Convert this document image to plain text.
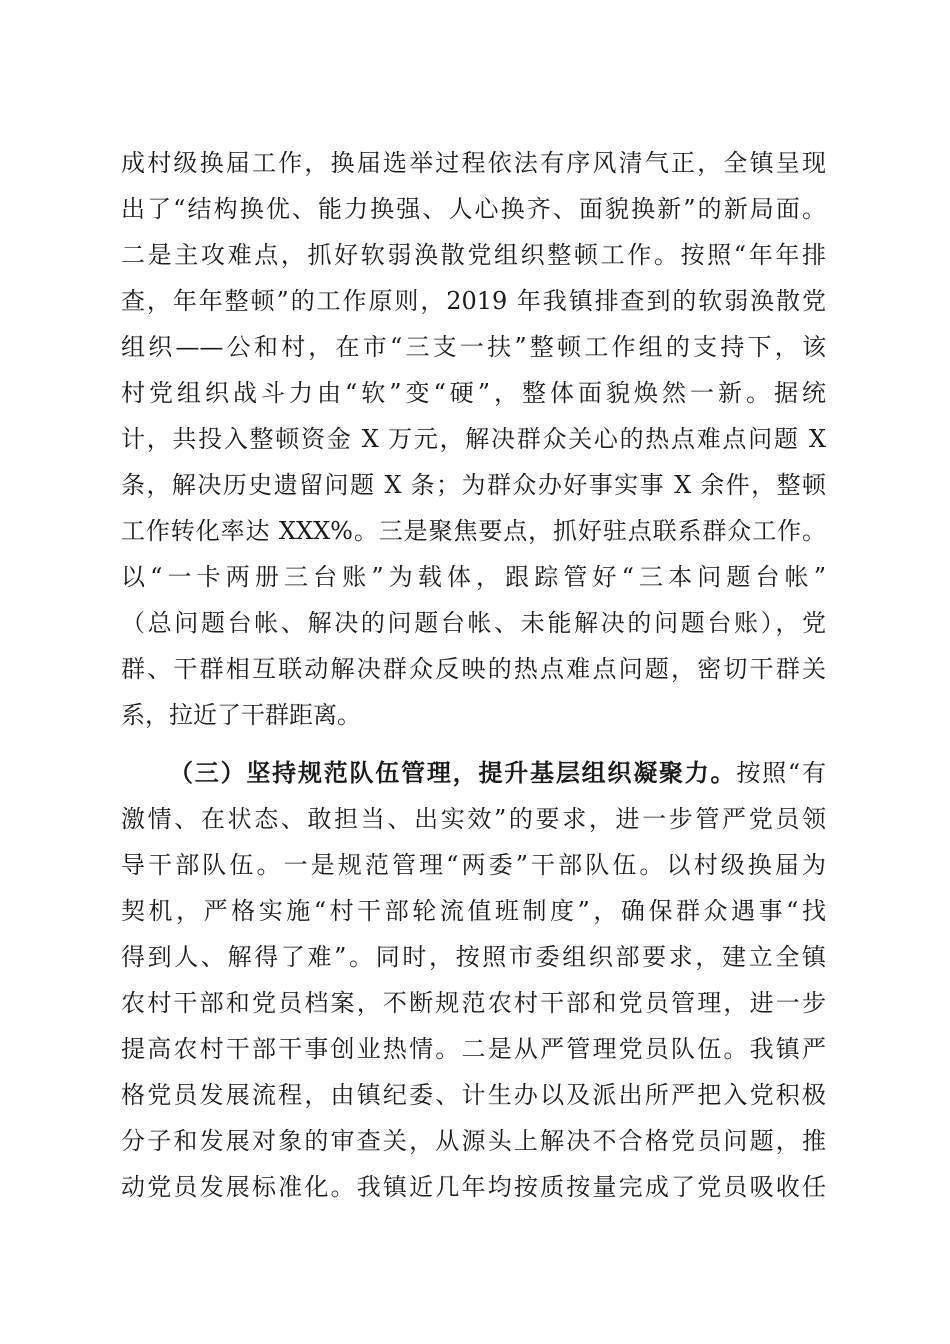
成村级换届工作，换届选举过程依法有序风清气正，全镇呈现
出了“结构换优、能力换强、人心换齐、面貌换新”的新局面。
二是主攻难点，抓好软弱涣散党组织整顿工作。按照“年年排
查，年年整顿”的工作原则，2019 年我镇排查到的软弱涣散党
组织——公和村，在市“三支一扶”整顿工作组的支持下，该
村党组织战斗力由“软”变“硬”，整体面貌焕然一新。据统
计，共投入整顿资金 X 万元，解决群众关心的热点难点问题 X
条，解决历史遗留问题 X 条；为群众办好事实事 X 余件，整顿
工作转化率达 XXX%。三是聚焦要点，抓好驻点联系群众工作。
以“一卡两册三台账”为载体，跟踪管好“三本问题台帐”
（总问题台帐、解决的问题台帐、未能解决的问题台账），党
群、干群相互联动解决群众反映的热点难点问题，密切干群关
系，拉近了干群距离。
（三）坚持规范队伍管理，提升基层组织凝聚力。按照“有
激情、在状态、敢担当、出实效”的要求，进一步管严党员领
导干部队伍。一是规范管理“两委”干部队伍。以村级换届为
契机，严格实施“村干部轮流值班制度”，确保群众遇事“找
得到人、解得了难”。同时，按照市委组织部要求，建立全镇
农村干部和党员档案，不断规范农村干部和党员管理，进一步
提高农村干部干事创业热情。二是从严管理党员队伍。我镇严
格党员发展流程，由镇纪委、计生办以及派出所严把入党积极
分子和发展对象的审查关，从源头上解决不合格党员问题，推
动党员发展标准化。我镇近几年均按质按量完成了党员吸收任
